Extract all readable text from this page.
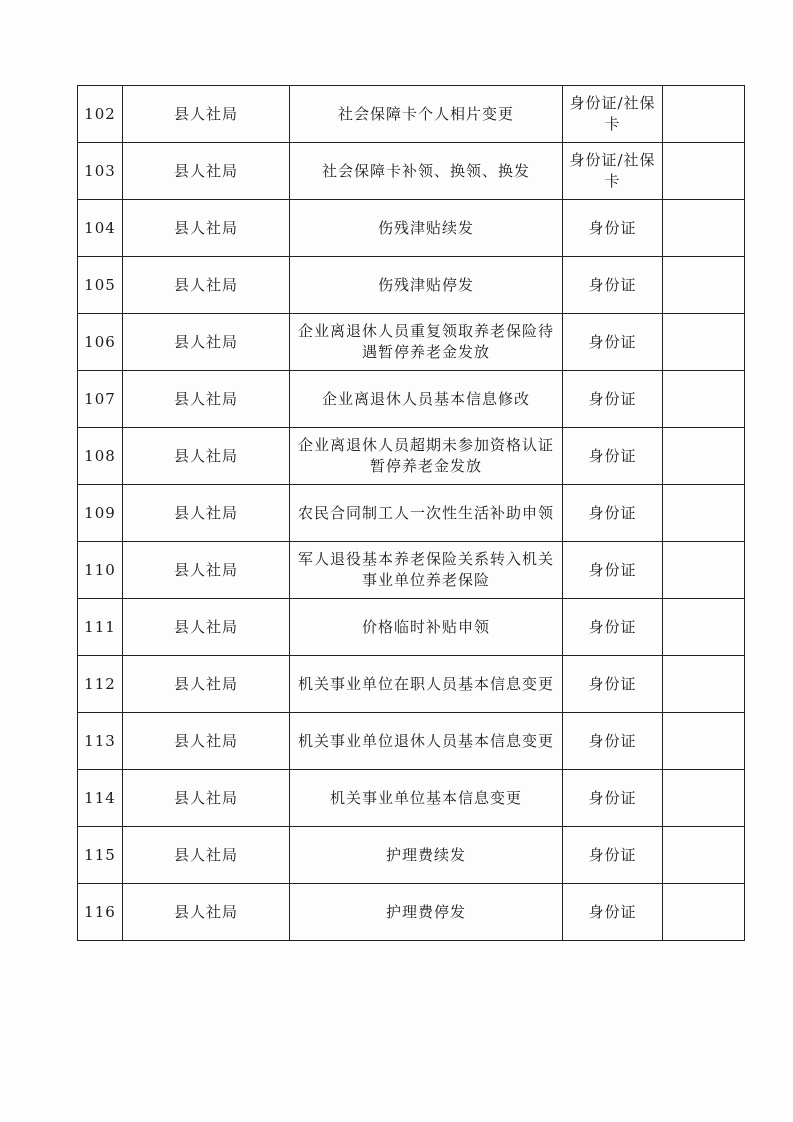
102	县人社局	社会保障卡个人相片变更	身份证/社保卡	
103	县人社局	社会保障卡补领、换领、换发	身份证/社保卡	
104	县人社局	伤残津贴续发	身份证	
105	县人社局	伤残津贴停发	身份证	
106	县人社局	企业离退休人员重复领取养老保险待遇暂停养老金发放	身份证	
107	县人社局	企业离退休人员基本信息修改	身份证	
108	县人社局	企业离退休人员超期未参加资格认证暂停养老金发放	身份证	
109	县人社局	农民合同制工人一次性生活补助申领	身份证	
110	县人社局	军人退役基本养老保险关系转入机关事业单位养老保险	身份证	
111	县人社局	价格临时补贴申领	身份证	
112	县人社局	机关事业单位在职人员基本信息变更	身份证	
113	县人社局	机关事业单位退休人员基本信息变更	身份证	
114	县人社局	机关事业单位基本信息变更	身份证	
115	县人社局	护理费续发	身份证	
116	县人社局	护理费停发	身份证	
